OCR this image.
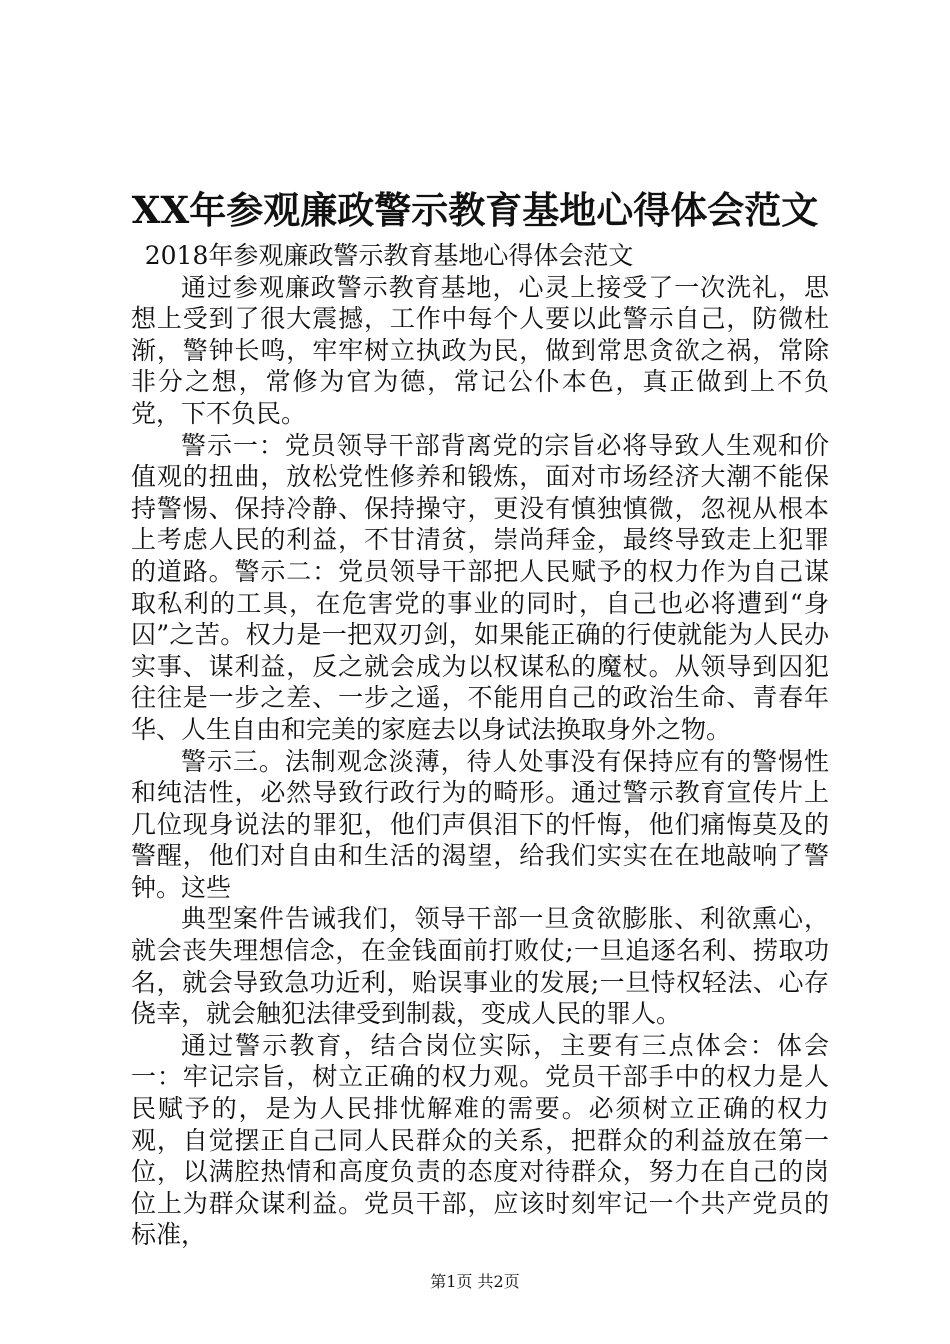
XX年参观廉政警示教育基地心得体会范文

2018年参观廉政警示教育基地心得体会范文

通过参观廉政警示教育基地，心灵上接受了一次洗礼，思想上受到了很大震撼，工作中每个人要以此警示自己，防微杜渐，警钟长鸣，牢牢树立执政为民，做到常思贪欲之祸，常除非分之想，常修为官为德，常记公仆本色，真正做到上不负党，下不负民。

警示一：党员领导干部背离党的宗旨必将导致人生观和价值观的扭曲，放松党性修养和锻炼，面对市场经济大潮不能保持警惕、保持冷静、保持操守，更没有慎独慎微，忽视从根本上考虑人民的利益，不甘清贫，崇尚拜金，最终导致走上犯罪的道路。警示二：党员领导干部把人民赋予的权力作为自己谋取私利的工具，在危害党的事业的同时，自己也必将遭到“身囚”之苦。权力是一把双刃剑，如果能正确的行使就能为人民办实事、谋利益，反之就会成为以权谋私的魔杖。从领导到囚犯往往是一步之差、一步之遥，不能用自己的政治生命、青春年华、人生自由和完美的家庭去以身试法换取身外之物。

警示三。法制观念淡薄，待人处事没有保持应有的警惕性和纯洁性，必然导致行政行为的畸形。通过警示教育宣传片上几位现身说法的罪犯，他们声俱泪下的忏悔，他们痛悔莫及的警醒，他们对自由和生活的渴望，给我们实实在在地敲响了警钟。这些

典型案件告诫我们，领导干部一旦贪欲膨胀、利欲熏心，就会丧失理想信念，在金钱面前打败仗;一旦追逐名利、捞取功名，就会导致急功近利，贻误事业的发展;一旦恃权轻法、心存侥幸，就会触犯法律受到制裁，变成人民的罪人。

通过警示教育，结合岗位实际，主要有三点体会：体会一：牢记宗旨，树立正确的权力观。党员干部手中的权力是人民赋予的，是为人民排忧解难的需要。必须树立正确的权力观，自觉摆正自己同人民群众的关系，把群众的利益放在第一位，以满腔热情和高度负责的态度对待群众，努力在自己的岗位上为群众谋利益。党员干部，应该时刻牢记一个共产党员的标准，

第1页 共2页
